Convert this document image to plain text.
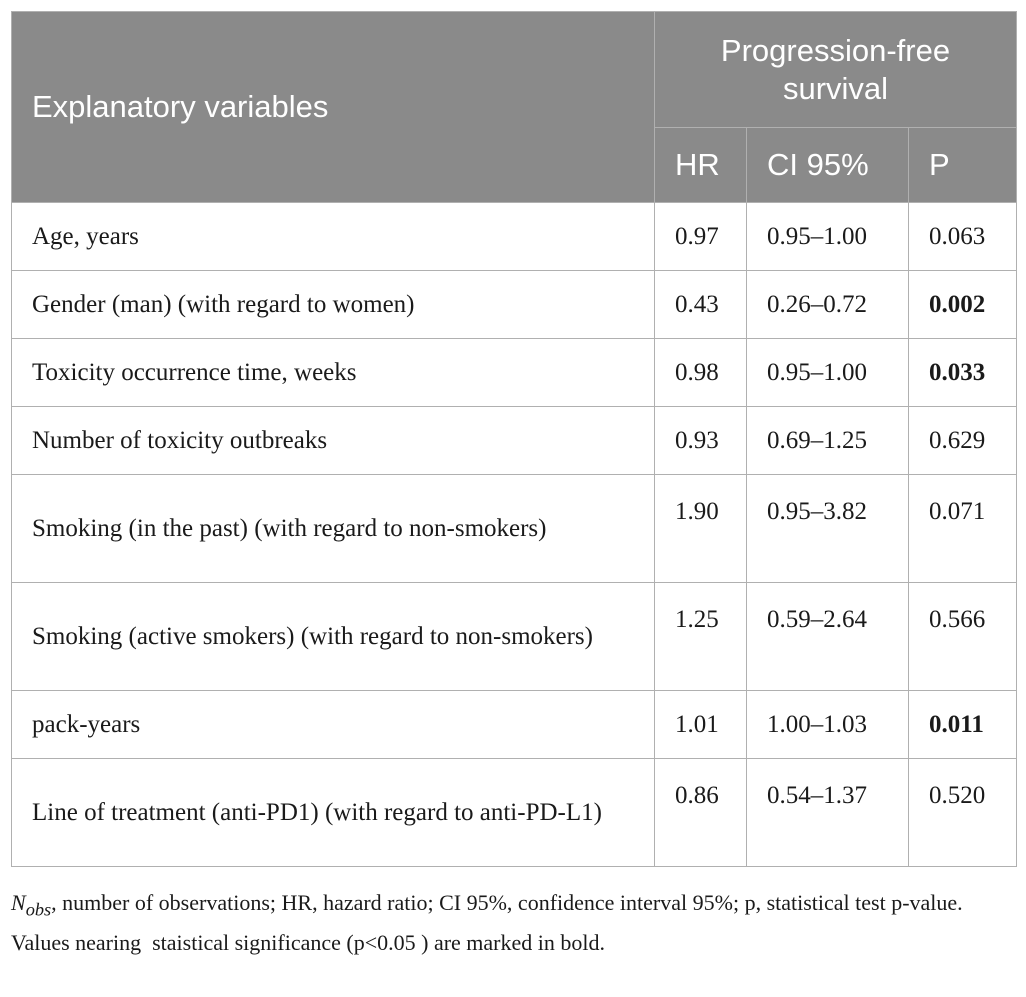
Explanatory variables	Progression-free
survival		
	HR	CI 95%	P
Age, years	0.97	0.95–1.00	0.063
Gender (man) (with regard to women)	0.43	0.26–0.72	0.002
Toxicity occurrence time, weeks	0.98	0.95–1.00	0.033
Number of toxicity outbreaks	0.93	0.69–1.25	0.629
Smoking (in the past) (with regard to non-smokers)	1.90	0.95–3.82	0.071
Smoking (active smokers) (with regard to non-smokers)	1.25	0.59–2.64	0.566
pack-years	1.01	1.00–1.03	0.011
Line of treatment (anti-PD1) (with regard to anti-PD-L1)	0.86	0.54–1.37	0.520

$N_{obs}$, number of observations; HR, hazard ratio; CI 95%, confidence interval 95%; p, statistical test p-value.

Values nearing  staistical significance (p<0.05 ) are marked in bold.
